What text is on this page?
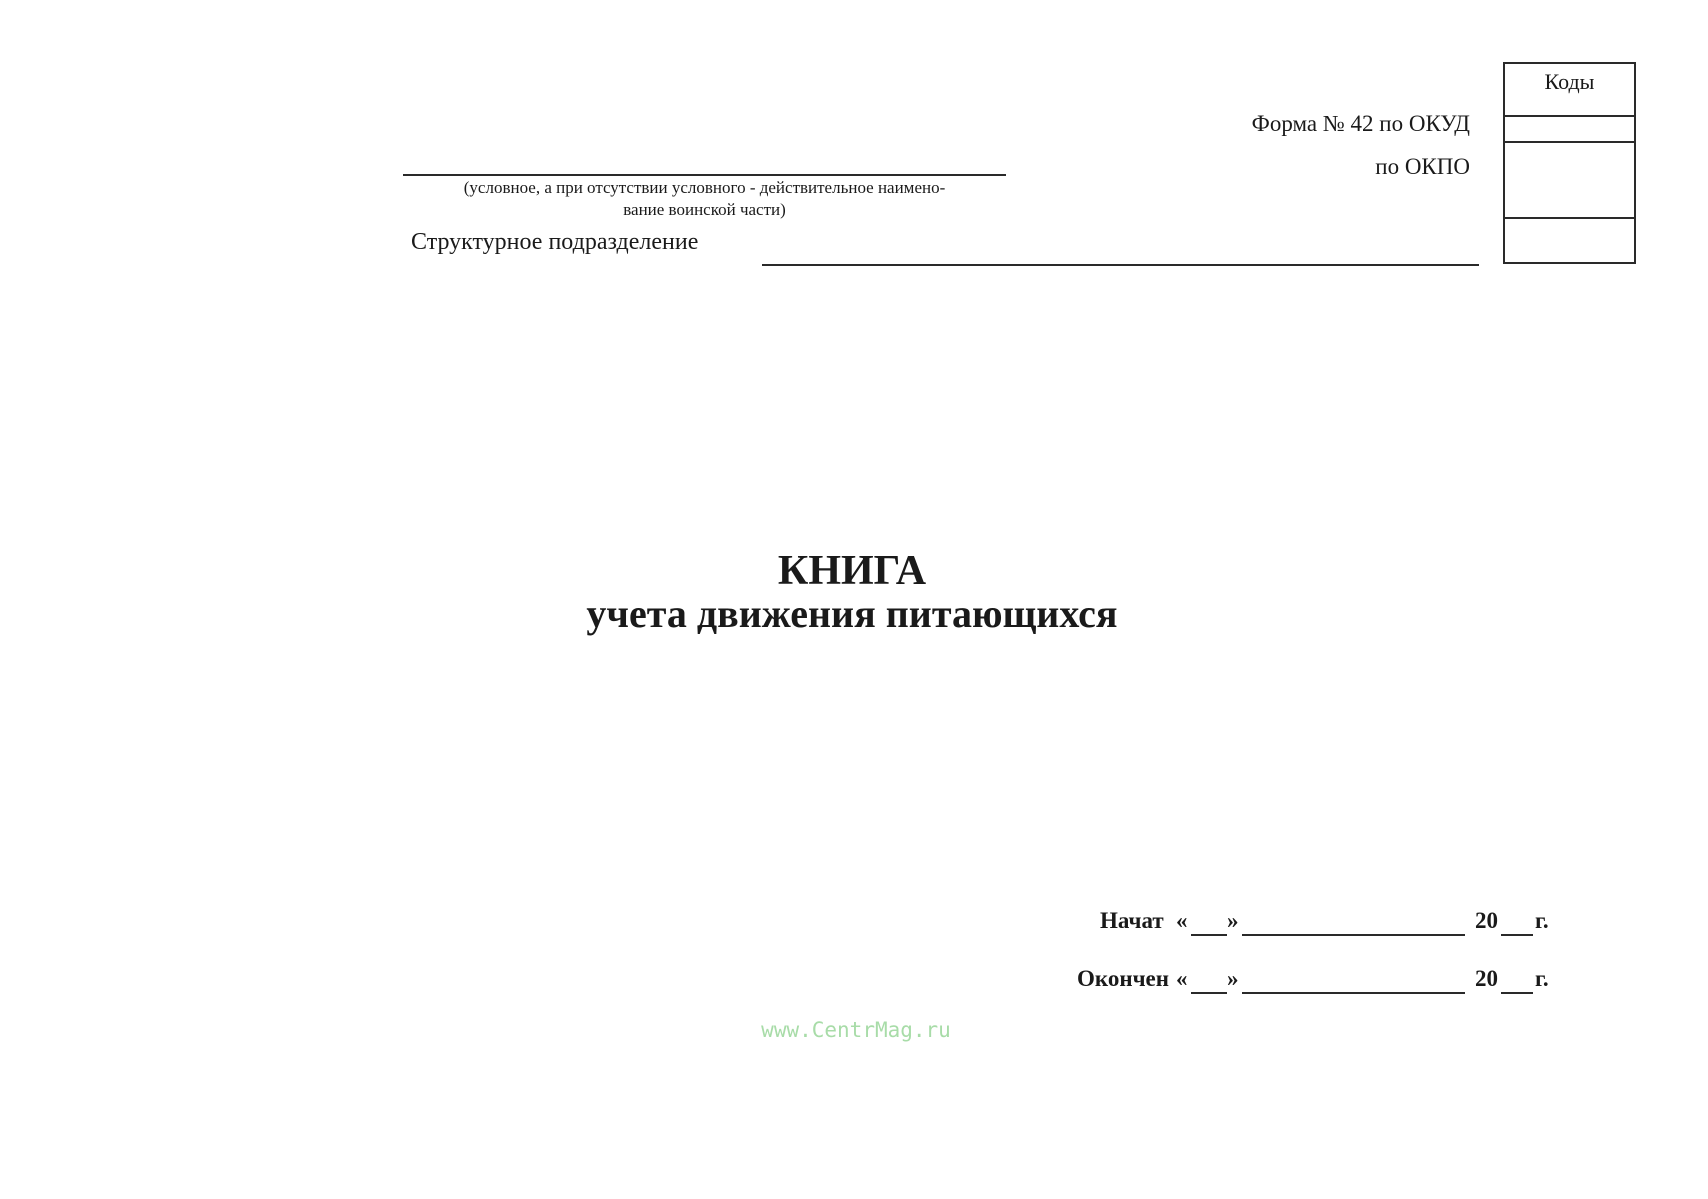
(условное, а при отсутствии условного - действительное наимено-
вание воинской части)
Структурное подразделение
Форма № 42 по ОКУД
по ОКПО
Коды
КНИГА
учета движения питающихся
Начат « »	20 г.
Окончен « »	20 г.
www.CentrMag.ru
